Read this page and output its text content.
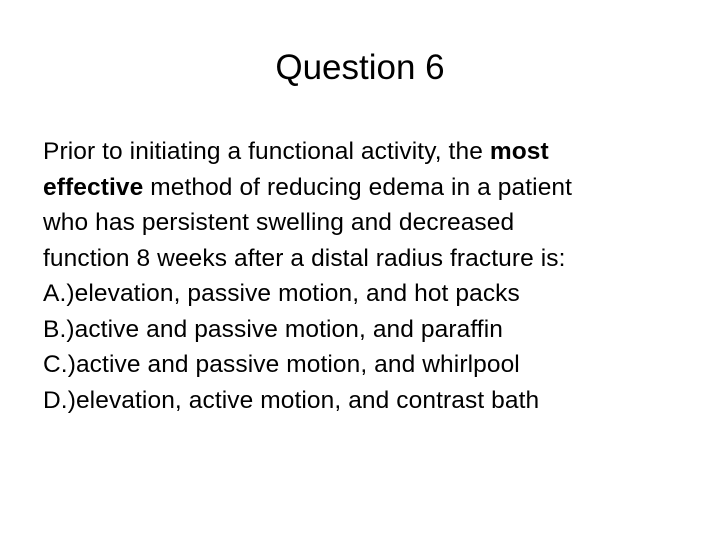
Question 6
Prior to initiating a functional activity, the most
effective method of reducing edema in a patient
who has persistent swelling and decreased
function 8 weeks after a distal radius fracture is:
A.)elevation, passive motion, and hot packs
B.)active and passive motion, and paraffin
C.)active and passive motion, and whirlpool
D.)elevation, active motion, and contrast bath
